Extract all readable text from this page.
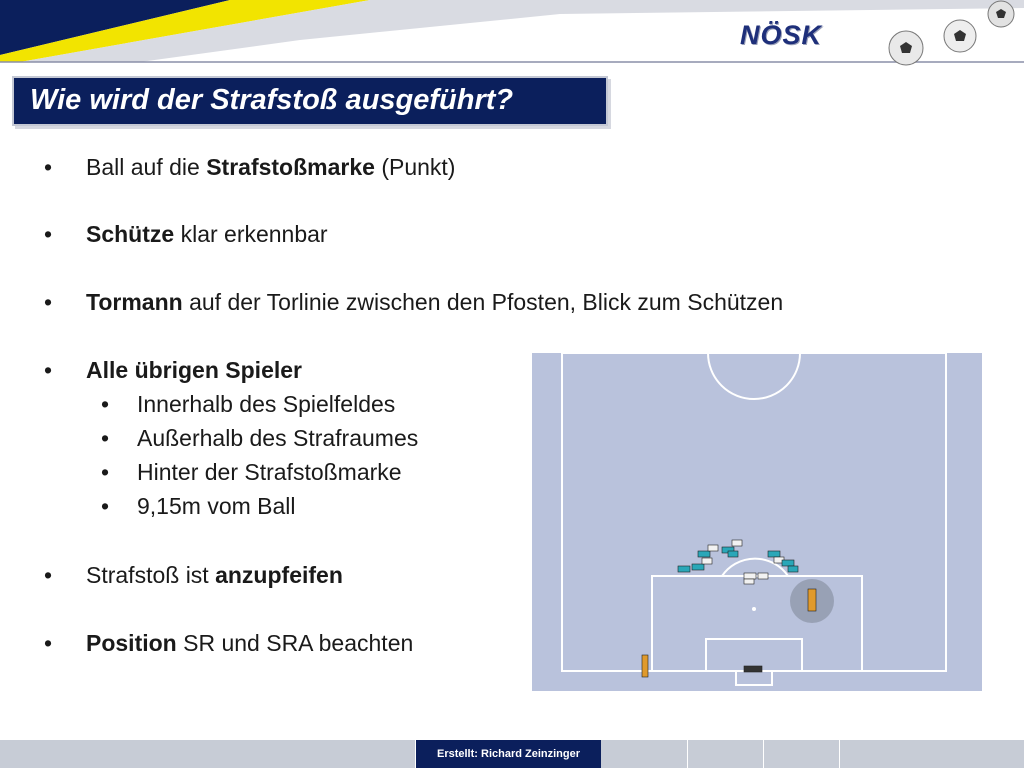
NÖSK
Wie wird der Strafstoß ausgeführt?
• Ball auf die Strafstoßmarke (Punkt)
• Schütze klar erkennbar
• Tormann auf der Torlinie zwischen den Pfosten, Blick zum Schützen
• Alle übrigen Spieler
• Innerhalb des Spielfeldes
• Außerhalb des Strafraumes
• Hinter der Strafstoßmarke
• 9,15m vom Ball
• Strafstoß ist anzupfeifen
• Position SR und SRA beachten
Erstellt: Richard Zeinzinger
